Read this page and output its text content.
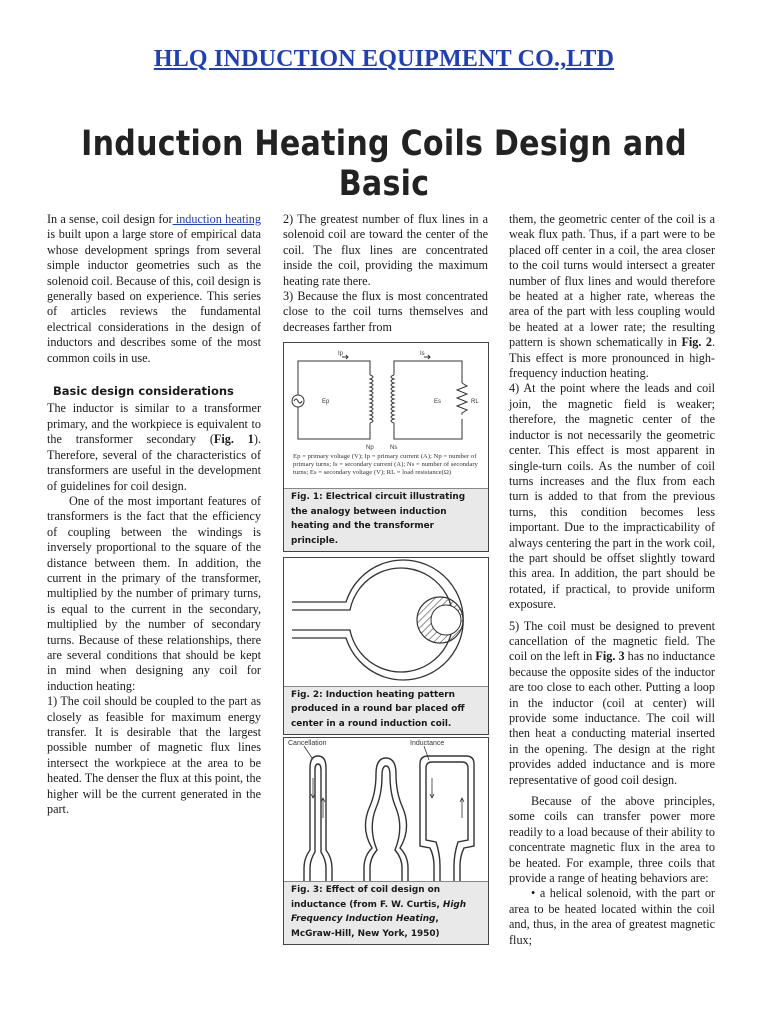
HLQ INDUCTION EQUIPMENT CO.,LTD
Induction Heating Coils Design and Basic

In a sense, coil design for induction heating is built upon a large store of empirical data whose development springs from several simple inductor geometries such as the solenoid coil. Because of this, coil design is generally based on experience. This series of articles reviews the fundamental electrical considerations in the design of inductors and describes some of the most common coils in use.

Basic design considerations

The inductor is similar to a transformer primary, and the workpiece is equivalent to the transformer secondary (Fig. 1). Therefore, several of the characteristics of transformers are useful in the development of guidelines for coil design.

One of the most important features of transformers is the fact that the efficiency of coupling between the windings is inversely proportional to the square of the distance between them. In addition, the current in the primary of the transformer, multiplied by the number of primary turns, is equal to the current in the secondary, multiplied by the number of secondary turns. Because of these relationships, there are several conditions that should be kept in mind when designing any coil for induction heating:

1) The coil should be coupled to the part as closely as feasible for maximum energy transfer. It is desirable that the largest possible number of magnetic flux lines intersect the workpiece at the area to be heated. The denser the flux at this point, the higher will be the current generated in the part.

2) The greatest number of flux lines in a solenoid coil are toward the center of the coil. The flux lines are concentrated inside the coil, providing the maximum heating rate there.

3) Because the flux is most concentrated close to the coil turns themselves and decreases farther from

Ip	Is
Ep	Es	RL
Np	Ns
Ep = primary voltage (V); Ip = primary current (A); Np = number of primary turns; Is = secondary current (A); Ns = number of secondary turns; Es = secondary voltage (V); RL = load resistance(Ω)
Fig. 1: Electrical circuit illustrating the analogy between induction heating and the transformer principle.
Fig. 2: Induction heating pattern produced in a round bar placed off center in a round induction coil.
Cancellation	Inductance
Fig. 3: Effect of coil design on inductance (from F. W. Curtis, High Frequency Induction Heating, McGraw-Hill, New York, 1950)

them, the geometric center of the coil is a weak flux path. Thus, if a part were to be placed off center in a coil, the area closer to the coil turns would intersect a greater number of flux lines and would therefore be heated at a higher rate, whereas the area of the part with less coupling would be heated at a lower rate; the resulting pattern is shown schematically in Fig. 2. This effect is more pronounced in high-frequency induction heating.

4) At the point where the leads and coil join, the magnetic field is weaker; therefore, the magnetic center of the inductor is not necessarily the geometric center. This effect is most apparent in single-turn coils. As the number of coil turns increases and the flux from each turn is added to that from the previous turns, this condition becomes less important. Due to the impracticability of always centering the part in the work coil, the part should be offset slightly toward this area. In addition, the part should be rotated, if practical, to provide uniform exposure.

5) The coil must be designed to prevent cancellation of the magnetic field. The coil on the left in Fig. 3 has no inductance because the opposite sides of the inductor are too close to each other. Putting a loop in the inductor (coil at center) will provide some inductance. The coil will then heat a conducting material inserted in the opening. The design at the right provides added inductance and is more representative of good coil design.

Because of the above principles, some coils can transfer power more readily to a load because of their ability to concentrate magnetic flux in the area to be heated. For example, three coils that provide a range of heating behaviors are:

• a helical solenoid, with the part or area to be heated located within the coil and, thus, in the area of greatest magnetic flux;
